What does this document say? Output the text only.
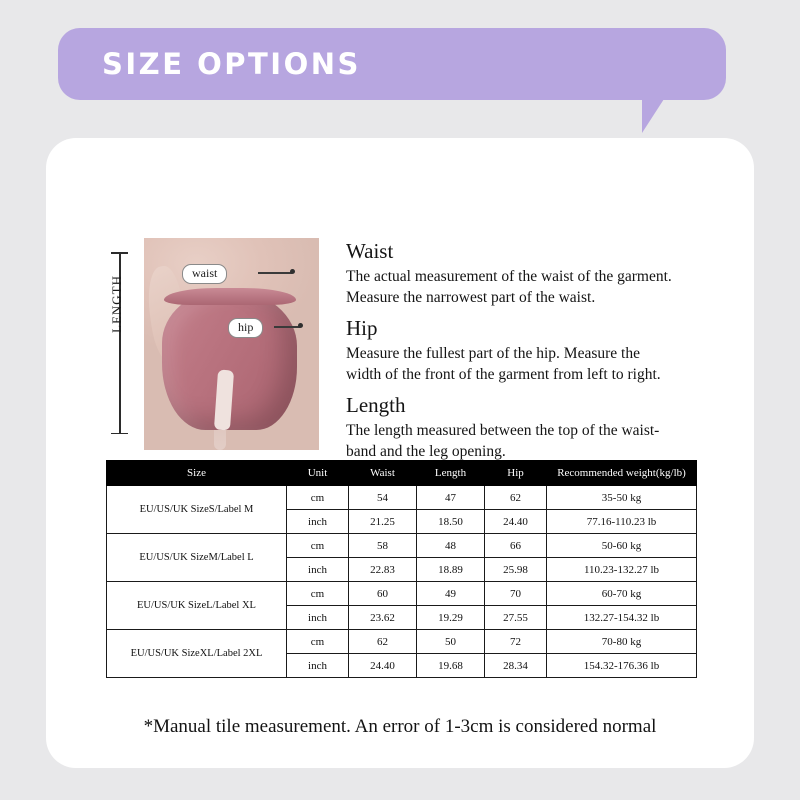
SIZE OPTIONS
LENGTH
waist
hip
Waist

The actual measurement of the waist of the garment.
Measure the narrowest part of the waist.

Hip

Measure the fullest part of the hip. Measure the
width of the front of the garment from left to right.

Length

The length measured between the top of the waist-
band and the leg opening.

Size	Unit	Waist	Length	Hip	Recommended weight(kg/lb)
EU/US/UK SizeS/Label M	cm	54	47	62	35-50 kg
	inch	21.25	18.50	24.40	77.16-110.23 lb
EU/US/UK SizeM/Label L	cm	58	48	66	50-60 kg
	inch	22.83	18.89	25.98	110.23-132.27 lb
EU/US/UK SizeL/Label XL	cm	60	49	70	60-70 kg
	inch	23.62	19.29	27.55	132.27-154.32 lb
EU/US/UK SizeXL/Label 2XL	cm	62	50	72	70-80 kg
	inch	24.40	19.68	28.34	154.32-176.36 lb
*Manual tile measurement. An error of 1-3cm is considered normal
